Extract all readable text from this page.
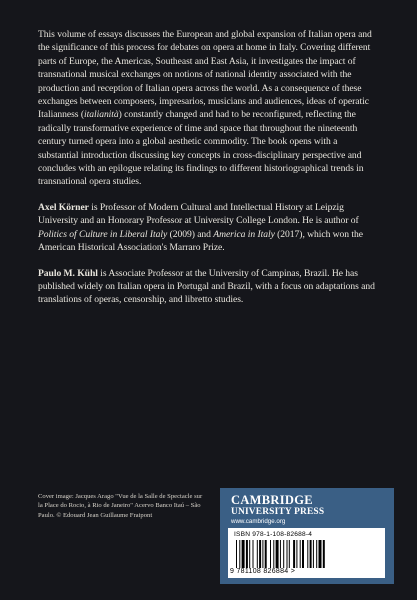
This volume of essays discusses the European and global expansion of Italian opera and the significance of this process for debates on opera at home in Italy. Covering different parts of Europe, the Americas, Southeast and East Asia, it investigates the impact of transnational musical exchanges on notions of national identity associated with the production and reception of Italian opera across the world. As a consequence of these exchanges between composers, impresarios, musicians and audiences, ideas of operatic Italianness (italianità) constantly changed and had to be reconfigured, reflecting the radically transformative experience of time and space that throughout the nineteenth century turned opera into a global aesthetic commodity. The book opens with a substantial introduction discussing key concepts in cross-disciplinary perspective and concludes with an epilogue relating its findings to different historiographical trends in transnational opera studies.

Axel Körner is Professor of Modern Cultural and Intellectual History at Leipzig University and an Honorary Professor at University College London. He is author of Politics of Culture in Liberal Italy (2009) and America in Italy (2017), which won the American Historical Association's Marraro Prize.

Paulo M. Kühl is Associate Professor at the University of Campinas, Brazil. He has published widely on Italian opera in Portugal and Brazil, with a focus on adaptations and translations of operas, censorship, and libretto studies.

Cover image: Jacques Arago "Vue de la Salle de Spectacle sur la Place do Rocio, à Rio de Janeiro" Acervo Banco Itaú – São Paulo. © Edouard Jean Guillaume Fraipont
CAMBRIDGE
UNIVERSITY PRESS
www.cambridge.org
ISBN 978-1-108-82688-4
9 781108 826884 >
